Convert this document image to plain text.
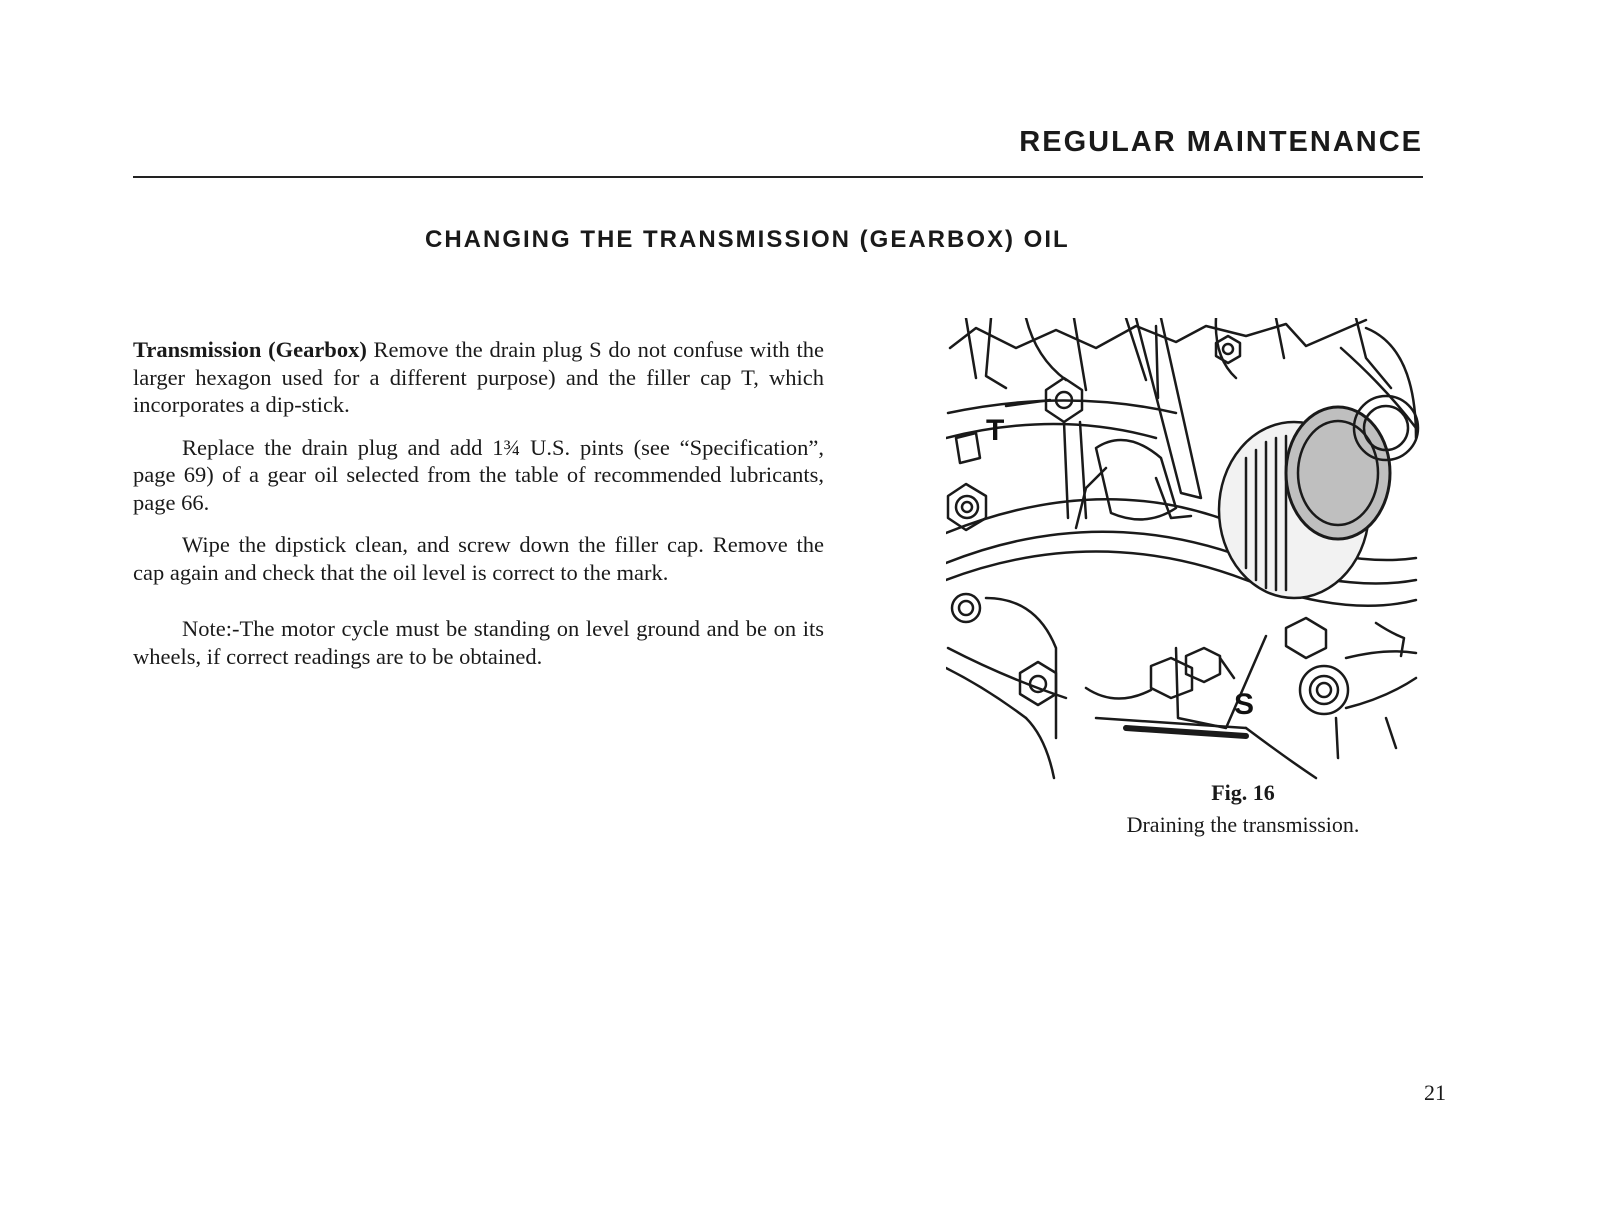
REGULAR MAINTENANCE
CHANGING THE TRANSMISSION (GEARBOX) OIL

Transmission (Gearbox) Remove the drain plug S do not confuse with the larger hexagon used for a different purpose) and the filler cap T, which incorporates a dip-stick.

Replace the drain plug and add 1¾ U.S. pints (see “Specification”, page 69) of a gear oil selected from the table of recommended lubricants, page 66.

Wipe the dipstick clean, and screw down the filler cap. Remove the cap again and check that the oil level is correct to the mark.

Note:-The motor cycle must be standing on level ground and be on its wheels, if correct readings are to be obtained.

T
S
Fig. 16
Draining the transmission.
21
